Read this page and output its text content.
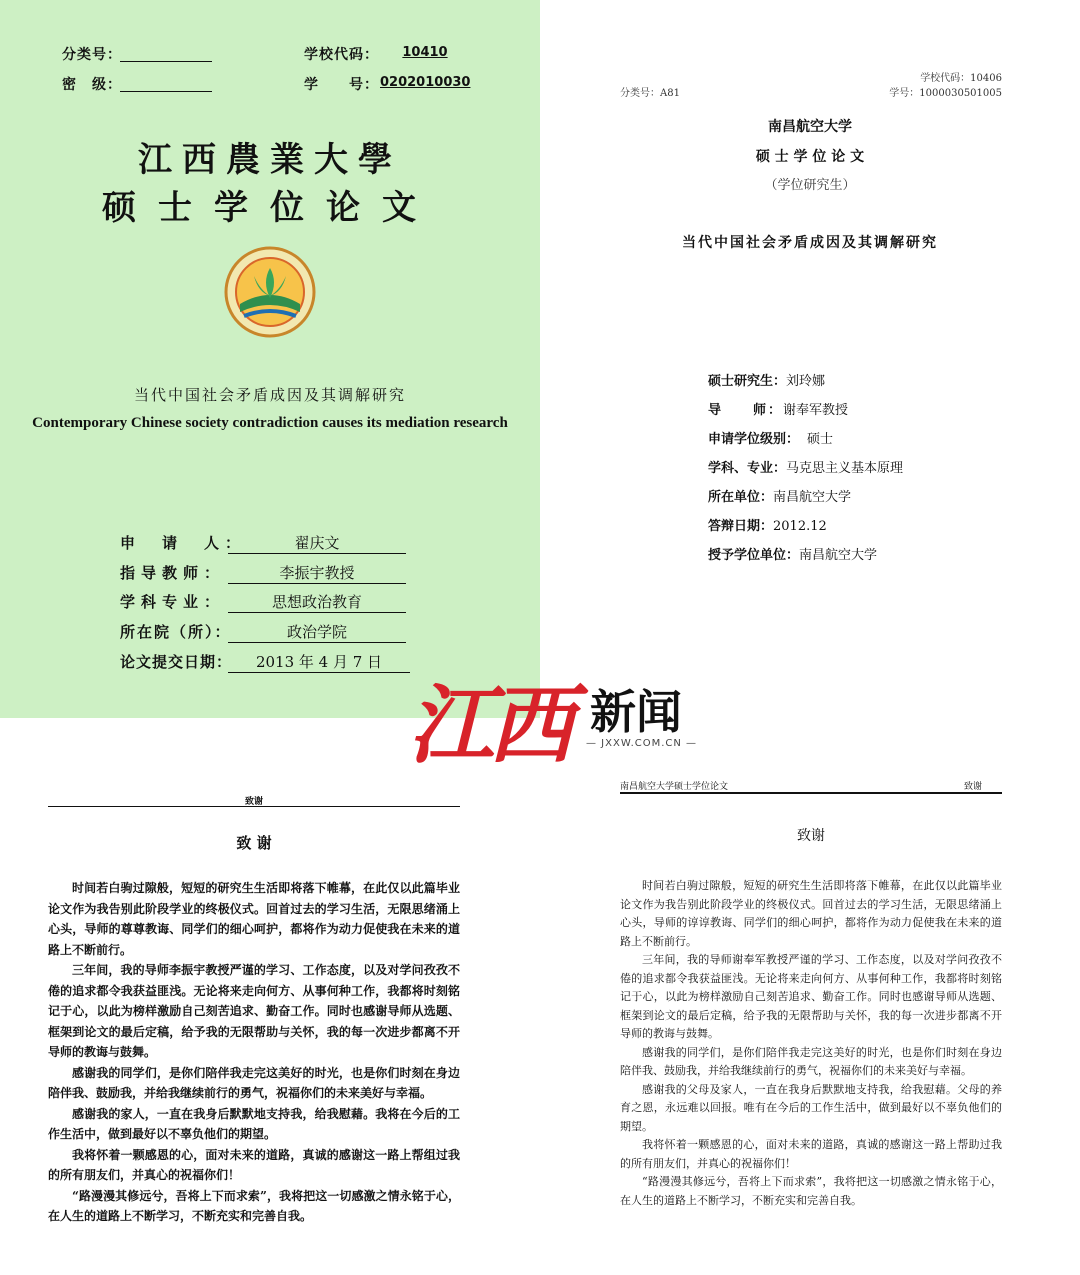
分类号：
密　级：
学校代码：	10410
学　　号： 0202010030
江西農業大學
硕士学位论文
当代中国社会矛盾成因及其调解研究
Contemporary Chinese society contradiction causes its mediation research
申　请　人：	翟庆文
指导教师：	李振宇教授
学科专业：	思想政治教育
所在院（所）：	政治学院
论文提交日期：	2013 年 4 月 7 日
分类号：A81
学校代码：10406
学号：1000030501005
南昌航空大学
硕 士 学 位 论 文
（学位研究生）
当代中国社会矛盾成因及其调解研究
硕士研究生：刘玲娜
导　　师：谢奉军教授
申请学位级别： 硕士
学科、专业：马克思主义基本原理
所在单位：南昌航空大学
答辩日期：2012.12
授予学位单位：南昌航空大学
江西 新闻
— JXXW.COM.CN —
致谢
致 谢

时间若白驹过隙般，短短的研究生生活即将落下帷幕，在此仅以此篇毕业论文作为我告别此阶段学业的终极仪式。回首过去的学习生活，无限思绪涌上心头，导师的尊尊教诲、同学们的细心呵护，都将作为动力促使我在未来的道路上不断前行。

三年间，我的导师李振宇教授严谨的学习、工作态度，以及对学问孜孜不倦的追求都令我获益匪浅。无论将来走向何方、从事何种工作，我都将时刻铭记于心，以此为榜样激励自己刻苦追求、勤奋工作。同时也感谢导师从选题、框架到论文的最后定稿，给予我的无限帮助与关怀，我的每一次进步都离不开导师的教诲与鼓舞。

感谢我的同学们，是你们陪伴我走完这美好的时光，也是你们时刻在身边陪伴我、鼓励我，并给我继续前行的勇气，祝福你们的未来美好与幸福。

感谢我的家人，一直在我身后默默地支持我，给我慰藉。我将在今后的工作生活中，做到最好以不辜负他们的期望。

我将怀着一颗感恩的心，面对未来的道路，真诚的感谢这一路上帮组过我的所有朋友们，并真心的祝福你们！

“路漫漫其修远兮，吾将上下而求索”，我将把这一切感激之情永铭于心，在人生的道路上不断学习，不断充实和完善自我。

南昌航空大学硕士学位论文	致谢
致谢

时间若白驹过隙般，短短的研究生生活即将落下帷幕，在此仅以此篇毕业论文作为我告别此阶段学业的终极仪式。回首过去的学习生活，无限思绪涌上心头，导师的谆谆教诲、同学们的细心呵护，都将作为动力促使我在未来的道路上不断前行。

三年间，我的导师谢奉军教授严谨的学习、工作态度，以及对学问孜孜不倦的追求都令我获益匪浅。无论将来走向何方、从事何种工作，我都将时刻铭记于心，以此为榜样激励自己刻苦追求、勤奋工作。同时也感谢导师从选题、框架到论文的最后定稿，给予我的无限帮助与关怀，我的每一次进步都离不开导师的教诲与鼓舞。

感谢我的同学们，是你们陪伴我走完这美好的时光，也是你们时刻在身边陪伴我、鼓励我，并给我继续前行的勇气，祝福你们的未来美好与幸福。

感谢我的父母及家人，一直在我身后默默地支持我，给我慰藉。父母的养育之恩，永远难以回报。唯有在今后的工作生活中，做到最好以不辜负他们的期望。

我将怀着一颗感恩的心，面对未来的道路，真诚的感谢这一路上帮助过我的所有朋友们，并真心的祝福你们！

“路漫漫其修远兮，吾将上下而求索”，我将把这一切感激之情永铭于心，在人生的道路上不断学习，不断充实和完善自我。
